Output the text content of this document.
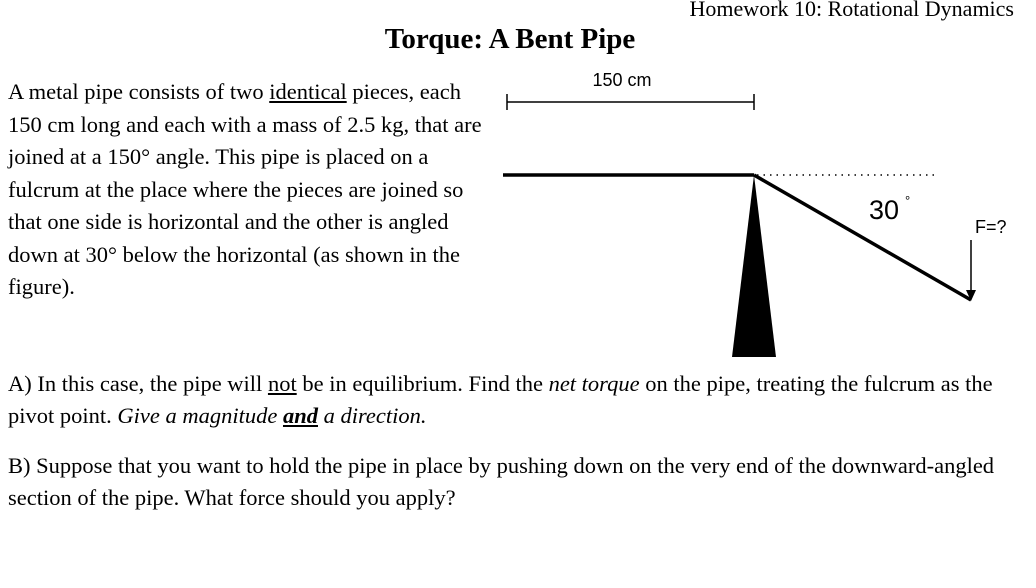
Homework 10: Rotational Dynamics
Torque: A Bent Pipe
A metal pipe consists of two identical pieces, each 150 cm long and each with a mass of 2.5 kg, that are joined at a 150° angle. This pipe is placed on a fulcrum at the place where the pieces are joined so that one side is horizontal and the other is angled down at 30° below the horizontal (as shown in the figure).
150 cm
30 °
F=?
A) In this case, the pipe will not be in equilibrium. Find the net torque on the pipe, treating the fulcrum as the pivot point. Give a magnitude and a direction.
B) Suppose that you want to hold the pipe in place by pushing down on the very end of the downward-angled section of the pipe. What force should you apply?
